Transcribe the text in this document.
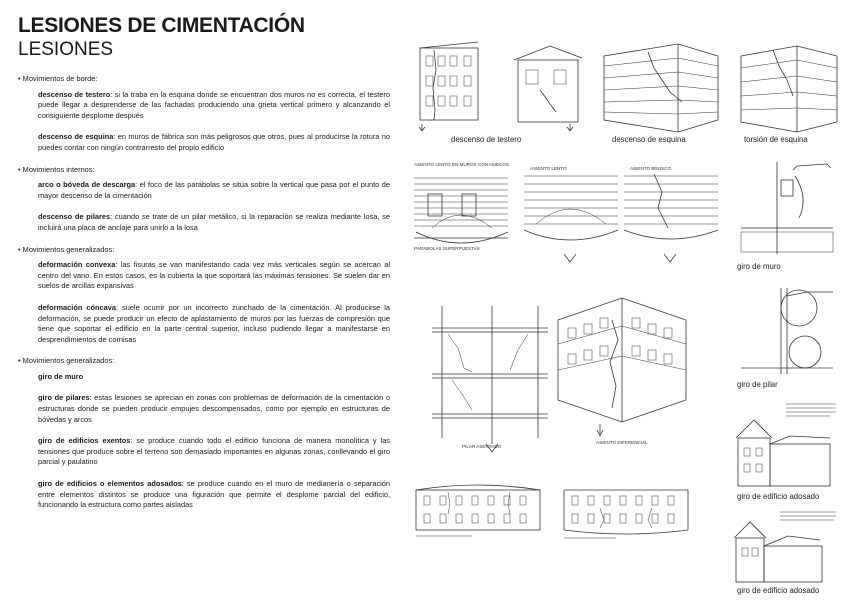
LESIONES DE CIMENTACIÓN
LESIONES
• Movimientos de borde:
descenso de testero: si la traba en la esquina donde se encuentran dos muros no es correcta, el testero puede llegar a desprenderse de las fachadas produciendo una grieta vertical primero y alcanzando el consiguiente desplome después
descenso de esquina: en muros de fábrica son más peligrosos que otros, pues al producirse la rotura no puedes contar con ningún contrarresto del propio edificio
• Movimientos internos:
arco o bóveda de descarga: el foco de las parábolas se sitúa sobre la vertical que pasa por el punto de mayor descenso de la cimentación
descenso de pilares: cuando se trate de un pilar metálico, si la reparación se realiza mediante losa, se incluirá una placa de anclaje para unirlo a la losa
• Movimientos generalizados:
deformación convexa: las fisuras se van manifestando cada vez más verticales según se acercan al centro del vano. En estos casos, es la cubierta la que soportará las máximas tensiones. Se suelen dar en suelos de arcillas expansivas
deformación cóncava: suele ocurrir por un incorrecto zunchado de la cimentación. Al producirse la deformación, se puede producir un efecto de aplastamiento de muros por las fuerzas de compresión que tiene que soportar el edificio en la parte central superior, incluso pudiendo llegar a manifestarse en desprendimientos de cornisas
• Movimientos generalizados:
giro de muro
giro de pilares: estas lesiones se aprecian en zonas con problemas de deformación de la cimentación o estructuras donde se pueden producir empujes descompensados, como por ejemplo en estructuras de bóvedas y arcos
giro de edificios exentos: se produce cuando todo el edificio funciona de manera monolítica y las tensiones que produce sobre el terreno son demasiado importantes en algunas zonas, conllevando el giro parcial y paulatino
giro de edificios o elementos adosados: se produce cuando en el muro de medianería o separación entre elementos distintos se produce una figuración que permite el desplome parcial del edificio, funcionando la estructura como partes aisladas
descenso de testero	descenso de esquina	torsión de esquina
ASIENTO LENTO EN MUROS CON HUECOS
ASIENTO LENTO	ASIENTO BRUSCO
PARABOLAS SUPERPUESTAS
giro de muro
PILAR ASENTADO
ASIENTO DIFERENCIAL
giro de pilar
giro de edificio adosado
giro de edificio adosado
